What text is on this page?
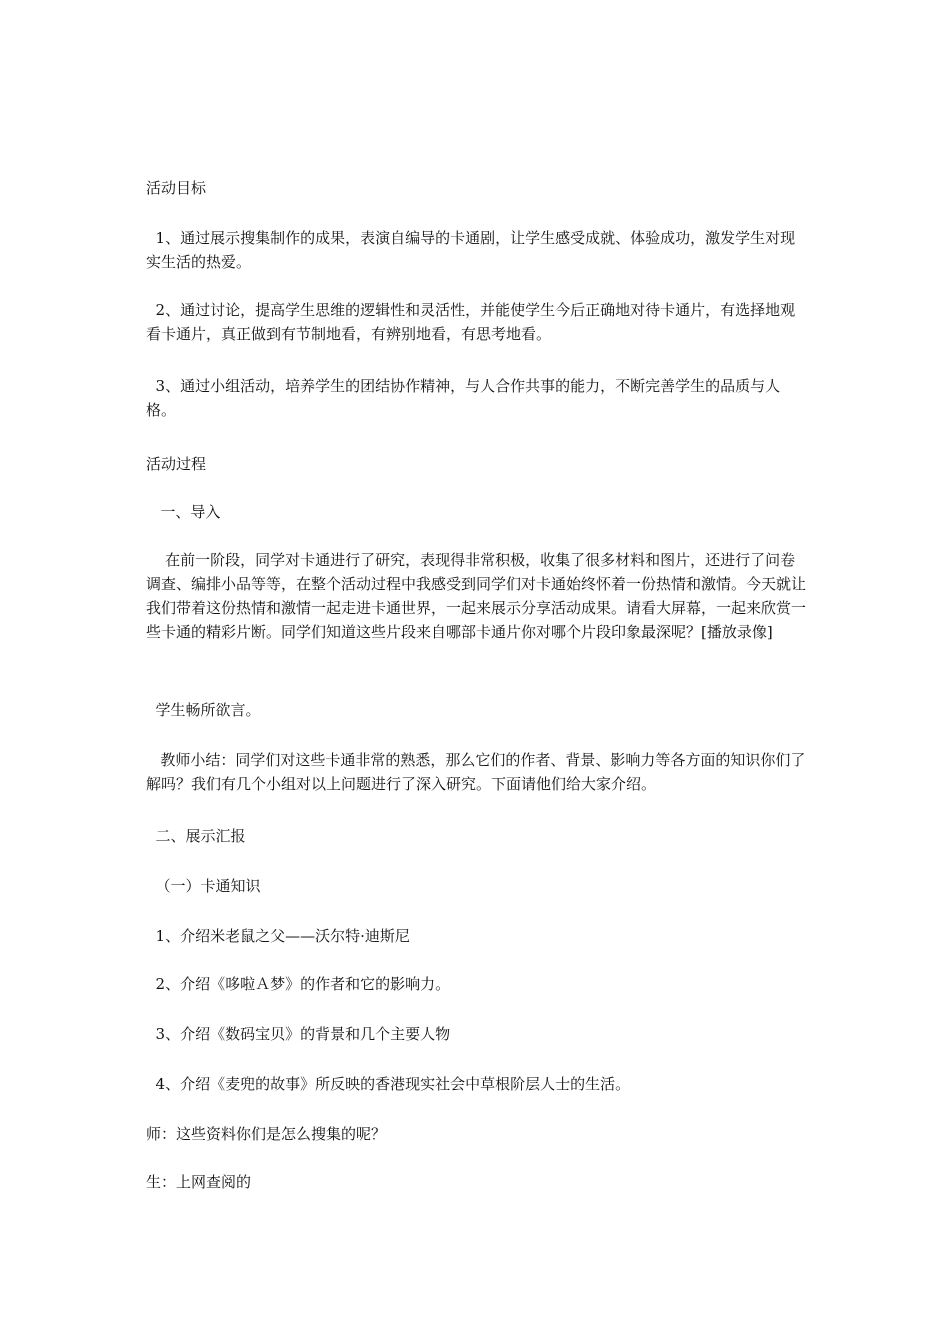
活动目标

1、通过展示搜集制作的成果，表演自编导的卡通剧，让学生感受成就、体验成功，激发学生对现实生活的热爱。

2、通过讨论，提高学生思维的逻辑性和灵活性，并能使学生今后正确地对待卡通片，有选择地观看卡通片，真正做到有节制地看，有辨别地看，有思考地看。

3、通过小组活动，培养学生的团结协作精神，与人合作共事的能力，不断完善学生的品质与人格。

活动过程

一、导入

在前一阶段，同学对卡通进行了研究，表现得非常积极，收集了很多材料和图片，还进行了问卷调查、编排小品等等，在整个活动过程中我感受到同学们对卡通始终怀着一份热情和激情。今天就让我们带着这份热情和激情一起走进卡通世界，一起来展示分享活动成果。请看大屏幕，一起来欣赏一些卡通的精彩片断。同学们知道这些片段来自哪部卡通片你对哪个片段印象最深呢？[播放录像]

学生畅所欲言。

教师小结：同学们对这些卡通非常的熟悉，那么它们的作者、背景、影响力等各方面的知识你们了解吗？我们有几个小组对以上问题进行了深入研究。下面请他们给大家介绍。

二、展示汇报

（一）卡通知识

1、介绍米老鼠之父——沃尔特·迪斯尼

2、介绍《哆啦Ａ梦》的作者和它的影响力。

3、介绍《数码宝贝》的背景和几个主要人物

4、介绍《麦兜的故事》所反映的香港现实社会中草根阶层人士的生活。

师：这些资料你们是怎么搜集的呢？

生：上网查阅的
